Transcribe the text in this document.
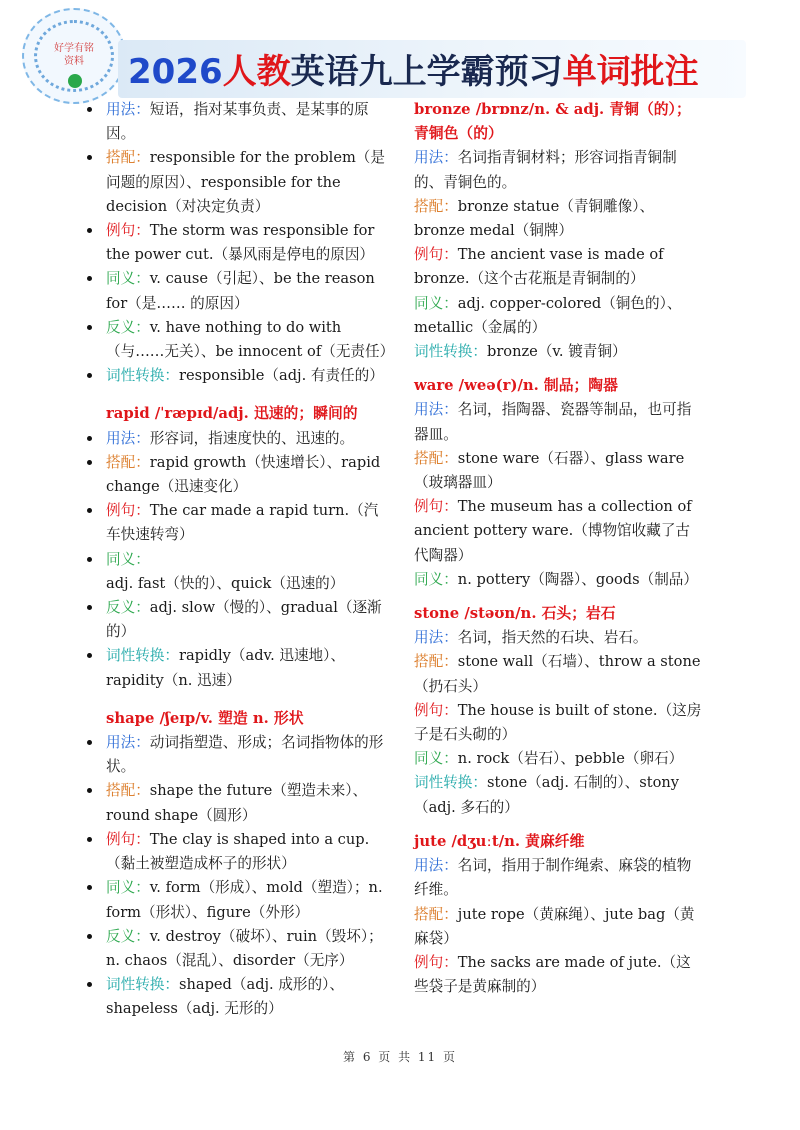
好学有铭
资料	2026人教英语九上学霸预习单词批注
用法：短语，指对某事负责、是某事的原因。
搭配：responsible for the problem（是问题的原因）、responsible for the decision（对决定负责）
例句：The storm was responsible for the power cut.（暴风雨是停电的原因）
同义：v. cause（引起）、be the reason for（是…… 的原因）
反义：v. have nothing to do with（与……无关）、be innocent of（无责任）
词性转换：responsible（adj. 有责任的）
rapid /ˈræpɪd/adj. 迅速的；瞬间的
用法：形容词，指速度快的、迅速的。
搭配：rapid growth（快速增长）、rapid change（迅速变化）
例句：The car made a rapid turn.（汽车快速转弯）
同义：adj. fast（快的）、quick（迅速的）
反义：adj. slow（慢的）、gradual（逐渐的）
词性转换：rapidly（adv. 迅速地）、rapidity（n. 迅速）
shape /ʃeɪp/v. 塑造 n. 形状
用法：动词指塑造、形成；名词指物体的形状。
搭配：shape the future（塑造未来）、round shape（圆形）
例句：The clay is shaped into a cup.（黏土被塑造成杯子的形状）
同义：v. form（形成）、mold（塑造）；n. form（形状）、figure（外形）
反义：v. destroy（破坏）、ruin（毁坏）；n. chaos（混乱）、disorder（无序）
词性转换：shaped（adj. 成形的）、shapeless（adj. 无形的）
bronze /brɒnz/n. & adj. 青铜（的）；青铜色（的）
用法：名词指青铜材料；形容词指青铜制的、青铜色的。
搭配：bronze statue（青铜雕像）、bronze medal（铜牌）
例句：The ancient vase is made of bronze.（这个古花瓶是青铜制的）
同义：adj. copper-colored（铜色的）、metallic（金属的）
词性转换：bronze（v. 镀青铜）
ware /weə(r)/n. 制品；陶器
用法：名词，指陶器、瓷器等制品，也可指器皿。
搭配：stone ware（石器）、glass ware（玻璃器皿）
例句：The museum has a collection of ancient pottery ware.（博物馆收藏了古代陶器）
同义：n. pottery（陶器）、goods（制品）
stone /stəʊn/n. 石头；岩石
用法：名词，指天然的石块、岩石。
搭配：stone wall（石墙）、throw a stone（扔石头）
例句：The house is built of stone.（这房子是石头砌的）
同义：n. rock（岩石）、pebble（卵石）
词性转换：stone（adj. 石制的）、stony（adj. 多石的）
jute /dʒuːt/n. 黄麻纤维
用法：名词，指用于制作绳索、麻袋的植物纤维。
搭配：jute rope（黄麻绳）、jute bag（黄麻袋）
例句：The sacks are made of jute.（这些袋子是黄麻制的）
第 6 页 共 11 页
